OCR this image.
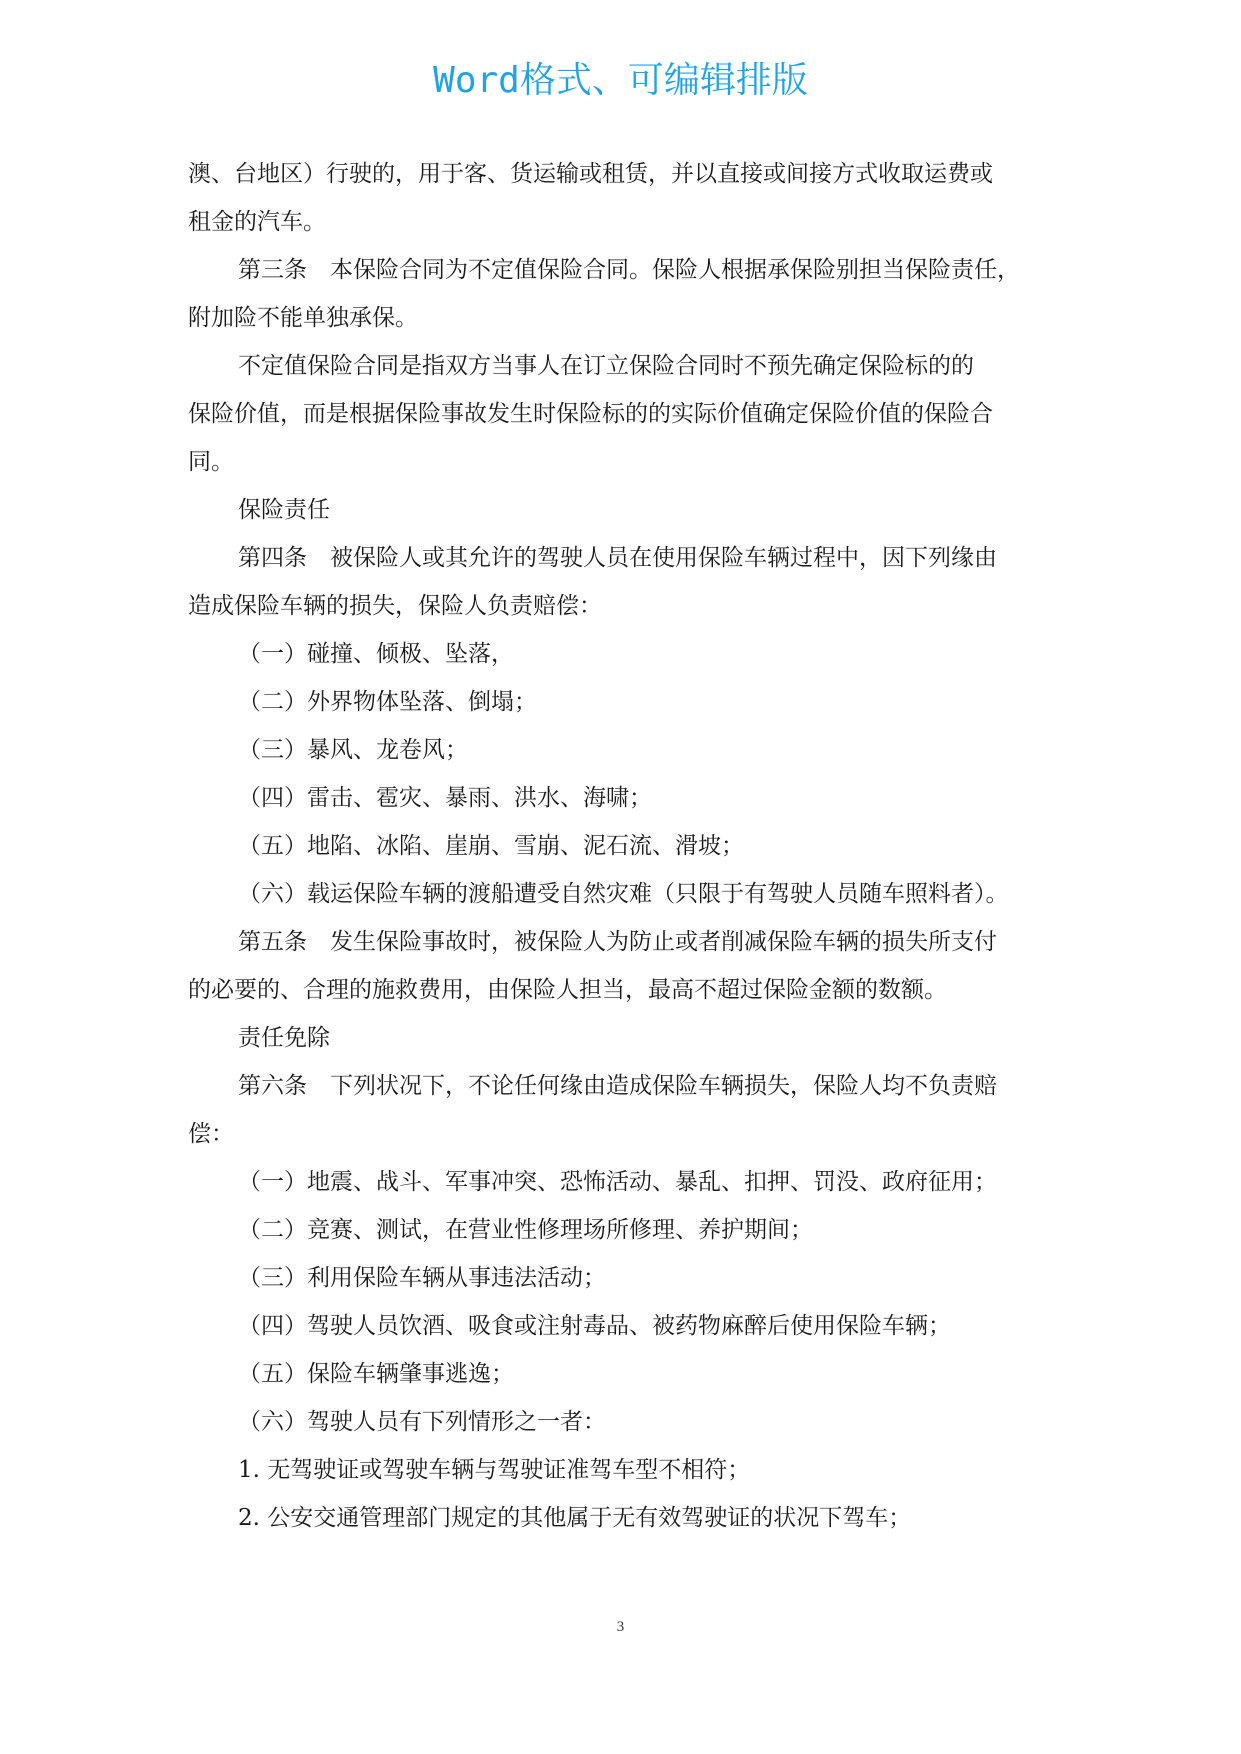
Word格式、可编辑排版
澳、台地区）行驶的，用于客、货运输或租赁，并以直接或间接方式收取运费或
租金的汽车。
第三条　本保险合同为不定值保险合同。保险人根据承保险别担当保险责任，
附加险不能单独承保。
不定值保险合同是指双方当事人在订立保险合同时不预先确定保险标的的
保险价值，而是根据保险事故发生时保险标的的实际价值确定保险价值的保险合
同。
保险责任
第四条　被保险人或其允许的驾驶人员在使用保险车辆过程中，因下列缘由
造成保险车辆的损失，保险人负责赔偿：
（一）碰撞、倾极、坠落，
（二）外界物体坠落、倒塌；
（三）暴风、龙卷风；
（四）雷击、雹灾、暴雨、洪水、海啸；
（五）地陷、冰陷、崖崩、雪崩、泥石流、滑坡；
（六）载运保险车辆的渡船遭受自然灾难（只限于有驾驶人员随车照料者）。
第五条　发生保险事故时，被保险人为防止或者削减保险车辆的损失所支付
的必要的、合理的施救费用，由保险人担当，最高不超过保险金额的数额。
责任免除
第六条　下列状况下，不论任何缘由造成保险车辆损失，保险人均不负责赔
偿：
（一）地震、战斗、军事冲突、恐怖活动、暴乱、扣押、罚没、政府征用；
（二）竞赛、测试，在营业性修理场所修理、养护期间；
（三）利用保险车辆从事违法活动；
（四）驾驶人员饮酒、吸食或注射毒品、被药物麻醉后使用保险车辆；
（五）保险车辆肇事逃逸；
（六）驾驶人员有下列情形之一者：
1. 无驾驶证或驾驶车辆与驾驶证准驾车型不相符；
2. 公安交通管理部门规定的其他属于无有效驾驶证的状况下驾车；
3
